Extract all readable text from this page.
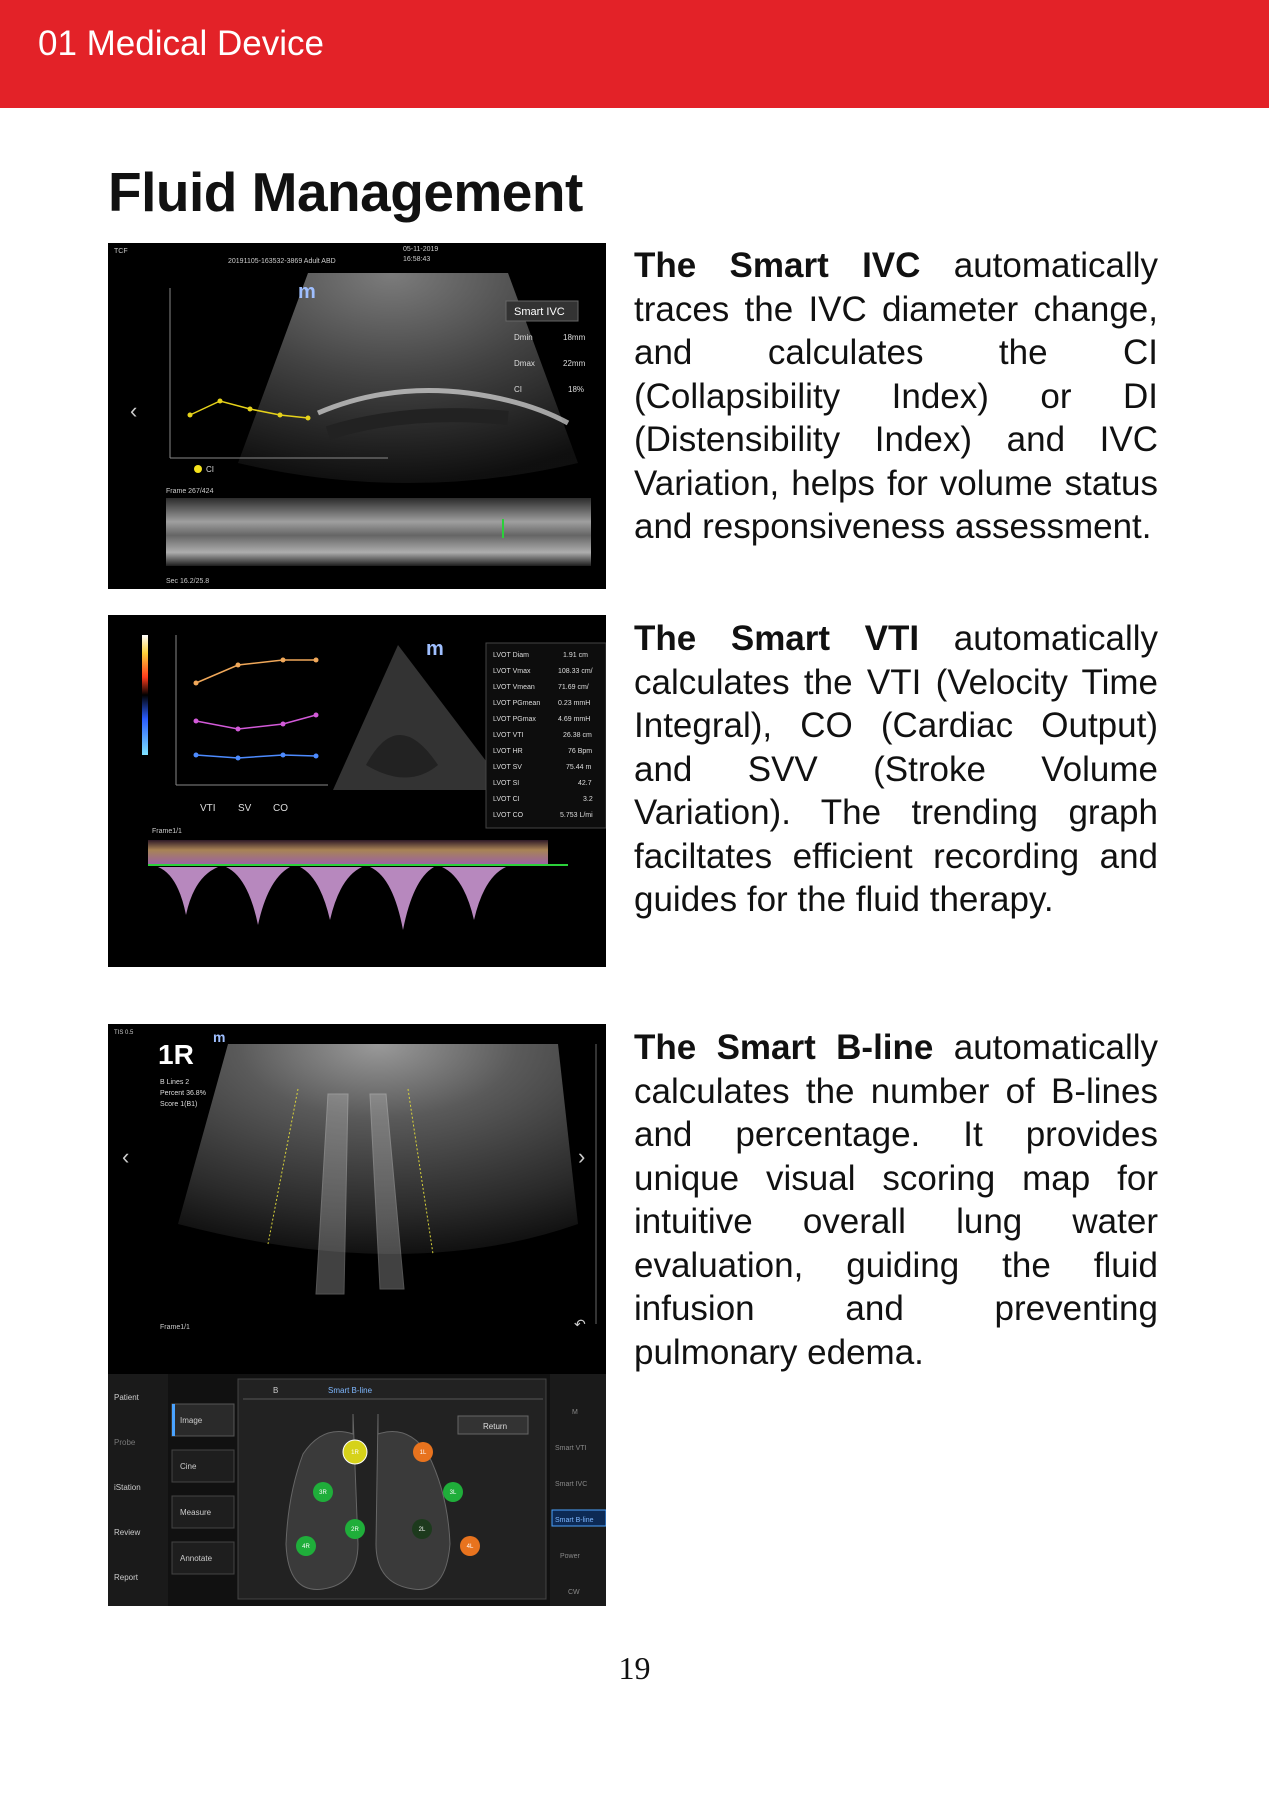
01 Medical Device
Fluid Management
TCF
20191105-163532-3869 Adult ABD
05-11-2019
16:58:43
m
Smart IVC
Dmin	18mm
Dmax	22mm
CI	18%
‹
CI
Frame 267/424
Sec 16.2/25.8
VTI SV CO
m	LVOT Diam	1.91 cm
LVOT Vmax	108.33 cm/
LVOT Vmean	71.69 cm/
LVOT PGmean	0.23 mmH
LVOT PGmax	4.69 mmH
LVOT VTI	26.38 cm
LVOT HR	76 Bpm
LVOT SV	75.44 m
LVOT SI	42.7
LVOT CI	3.2
LVOT CO	5.753 L/mi
Frame1/1
TIS 0.5
1R
m
B Lines 2
Percent 36.8%
Score 1(B1)
‹	›
↶
Frame1/1
Patient
Probe
iStation
Review
Report
Image
Cine
Measure
Annotate
B	Smart B-line
Return
1R
3R
2R
4R
1L
3L
2L
4L
M
Smart VTI
Smart IVC
Smart B-line
Power
CW

The Smart IVC automatically traces the IVC diameter change, and calculates the CI (Collapsibility Index) or DI (Distensibility Index) and IVC Variation, helps for volume status and responsiveness assessment.

The Smart VTI automatically calculates the VTI (Velocity Time Integral), CO (Cardiac Output) and SVV (Stroke Volume Variation). The trending graph faciltates efficient recording and guides for the fluid therapy.

The Smart B-line automatically calculates the number of B-lines and percentage. It provides unique visual scoring map for intuitive overall lung water evaluation, guiding the fluid infusion and preventing pulmonary edema.

19
